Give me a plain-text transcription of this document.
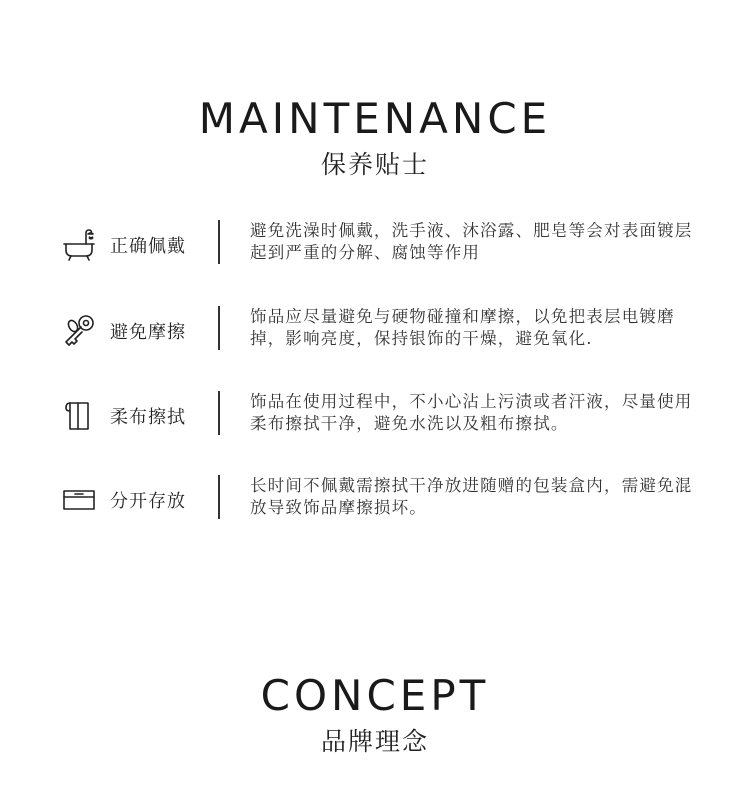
MAINTENANCE
保养贴士
正确佩戴
避免洗澡时佩戴，洗手液、沐浴露、肥皂等会对表面镀层起到严重的分解、腐蚀等作用
避免摩擦
饰品应尽量避免与硬物碰撞和摩擦，以免把表层电镀磨掉，影响亮度，保持银饰的干燥，避免氧化.
柔布擦拭
饰品在使用过程中，不小心沾上污渍或者汗液，尽量使用柔布擦拭干净，避免水洗以及粗布擦拭。
分开存放
长时间不佩戴需擦拭干净放进随赠的包装盒内，需避免混放导致饰品摩擦损坏。
CONCEPT
品牌理念
